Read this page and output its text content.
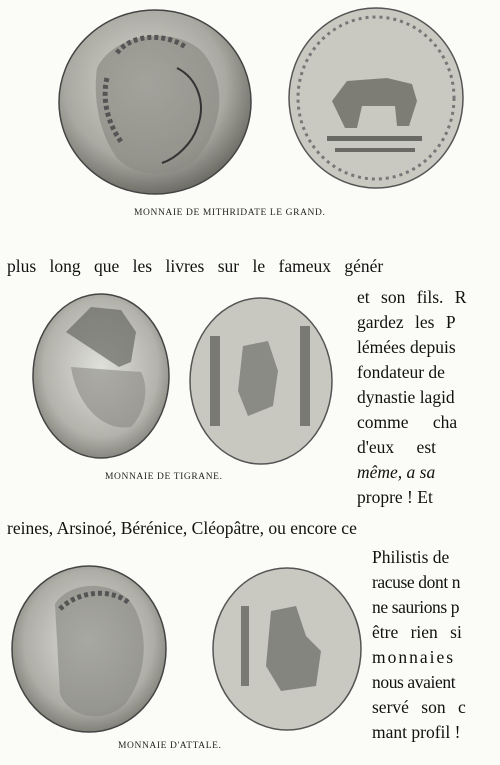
MONNAIE DE MITHRIDATE LE GRAND.
plus long que les livres sur le fameux génér
MONNAIE DE TIGRANE.
et son fils. R
gardez les P
lémées depuis
fondateur de
dynastie lagid
comme cha
d'eux est
même, a sa
propre ! Et
reines, Arsinoé, Bérénice, Cléopâtre, ou encore ce
MONNAIE D'ATTALE.
Philistis de
racuse dont n
ne saurions p
être rien si
monnaies
nous avaient
servé son c
mant profil !
